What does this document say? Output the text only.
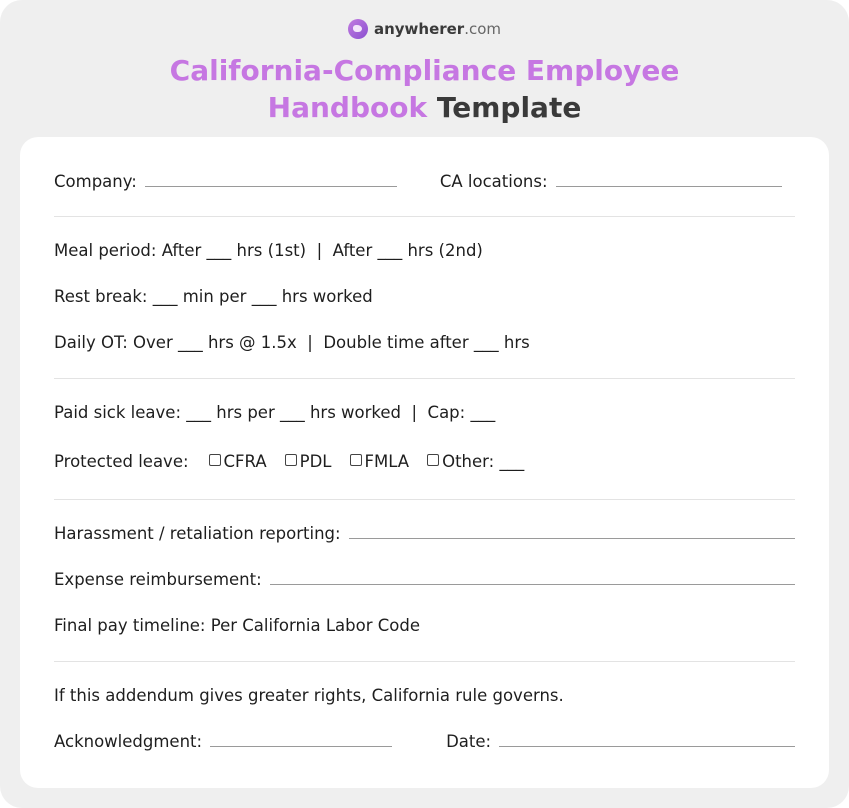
anywherer.com
California-Compliance Employee
Handbook Template
Company:	CA locations:
Meal period: After ___ hrs (1st)  |  After ___ hrs (2nd)
Rest break: ___ min per ___ hrs worked
Daily OT: Over ___ hrs @ 1.5x  |  Double time after ___ hrs
Paid sick leave: ___ hrs per ___ hrs worked  |  Cap: ___
Protected leave: CFRA PDL FMLA Other: ___
Harassment / retaliation reporting:
Expense reimbursement:
Final pay timeline: Per California Labor Code
If this addendum gives greater rights, California rule governs.
Acknowledgment:	Date:
